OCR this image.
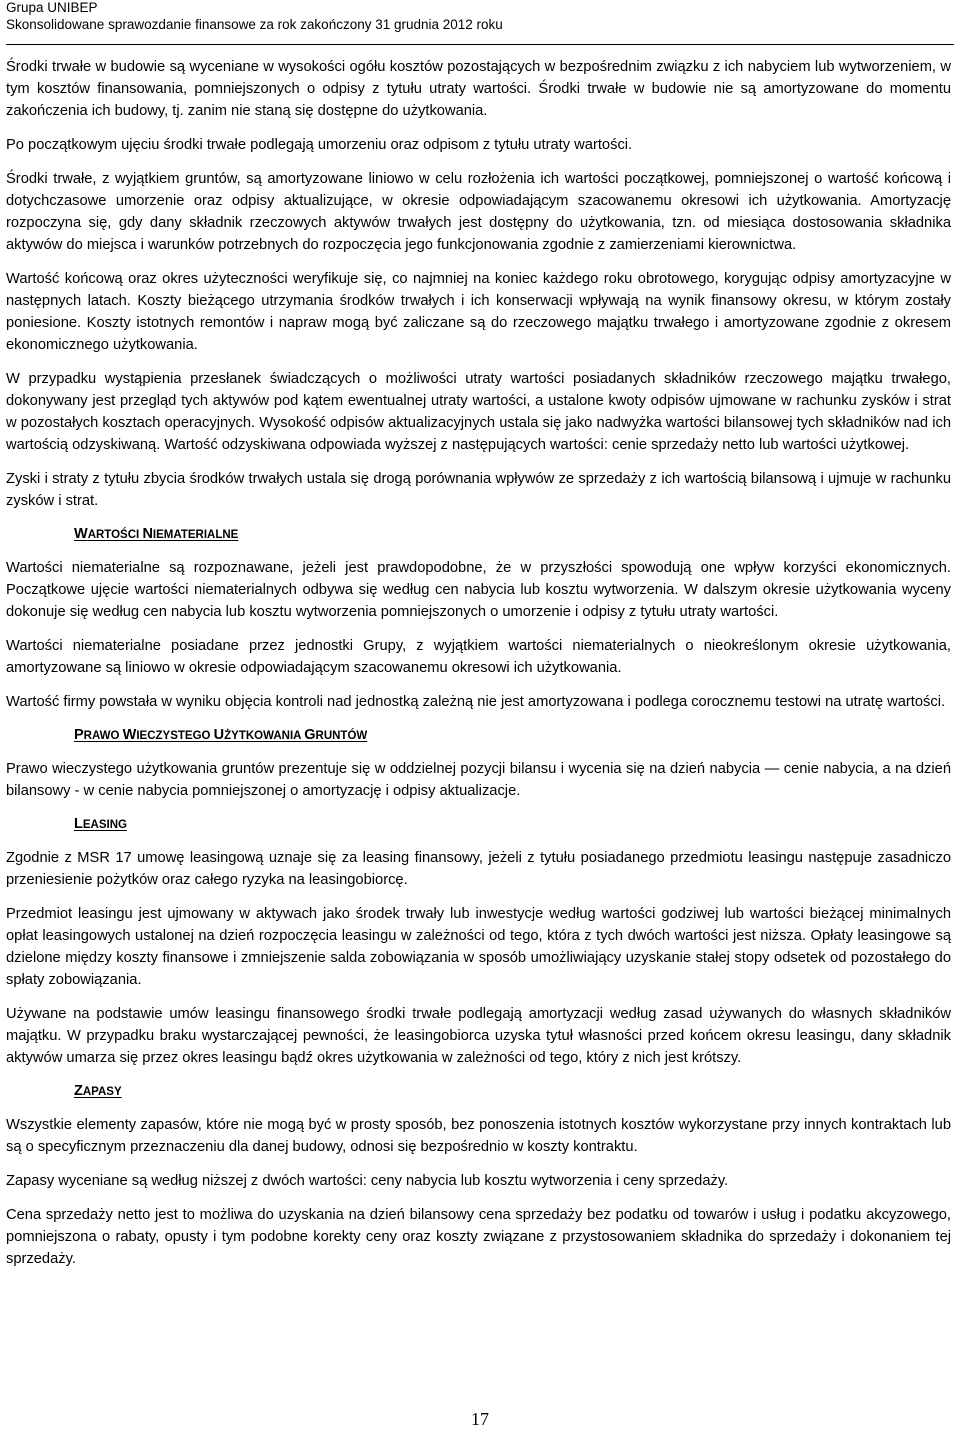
Grupa UNIBEP

Skonsolidowane sprawozdanie finansowe za rok zakończony 31 grudnia 2012 roku

Środki trwałe w budowie są wyceniane w wysokości ogółu kosztów pozostających w bezpośrednim związku z ich nabyciem lub wytworzeniem, w tym kosztów finansowania, pomniejszonych o odpisy z tytułu utraty wartości. Środki trwałe w budowie nie są amortyzowane do momentu zakończenia ich budowy, tj. zanim nie staną się dostępne do użytkowania.

Po początkowym ujęciu środki trwałe podlegają umorzeniu oraz odpisom z tytułu utraty wartości.

Środki trwałe, z wyjątkiem gruntów, są amortyzowane liniowo w celu rozłożenia ich wartości początkowej, pomniejszonej o wartość końcową i dotychczasowe umorzenie oraz odpisy aktualizujące, w okresie odpowiadającym szacowanemu okresowi ich użytkowania. Amortyzację rozpoczyna się, gdy dany składnik rzeczowych aktywów trwałych jest dostępny do użytkowania, tzn. od miesiąca dostosowania składnika aktywów do miejsca i warunków potrzebnych do rozpoczęcia jego funkcjonowania zgodnie z zamierzeniami kierownictwa.

Wartość końcową oraz okres użyteczności weryfikuje się, co najmniej na koniec każdego roku obrotowego, korygując odpisy amortyzacyjne w następnych latach. Koszty bieżącego utrzymania środków trwałych i ich konserwacji wpływają na wynik finansowy okresu, w którym zostały poniesione. Koszty istotnych remontów i napraw mogą być zaliczane są do rzeczowego majątku trwałego i amortyzowane zgodnie z okresem ekonomicznego użytkowania.

W przypadku wystąpienia przesłanek świadczących o możliwości utraty wartości posiadanych składników rzeczowego majątku trwałego, dokonywany jest przegląd tych aktywów pod kątem ewentualnej utraty wartości, a ustalone kwoty odpisów ujmowane w rachunku zysków i strat w pozostałych kosztach operacyjnych. Wysokość odpisów aktualizacyjnych ustala się jako nadwyżka wartości bilansowej tych składników nad ich wartością odzyskiwaną. Wartość odzyskiwana odpowiada wyższej z następujących wartości: cenie sprzedaży netto lub wartości użytkowej.

Zyski i straty z tytułu zbycia środków trwałych ustala się drogą porównania wpływów ze sprzedaży z ich wartością bilansową i ujmuje w rachunku zysków i strat.

WARTOŚCI NIEMATERIALNE

Wartości niematerialne są rozpoznawane, jeżeli jest prawdopodobne, że w przyszłości spowodują one wpływ korzyści ekonomicznych. Początkowe ujęcie wartości niematerialnych odbywa się według cen nabycia lub kosztu wytworzenia. W dalszym okresie użytkowania wyceny dokonuje się według cen nabycia lub kosztu wytworzenia pomniejszonych o umorzenie i odpisy z tytułu utraty wartości.

Wartości niematerialne posiadane przez jednostki Grupy, z wyjątkiem wartości niematerialnych o nieokreślonym okresie użytkowania, amortyzowane są liniowo w okresie odpowiadającym szacowanemu okresowi ich użytkowania.

Wartość firmy powstała w wyniku objęcia kontroli nad jednostką zależną nie jest amortyzowana i podlega corocznemu testowi na utratę wartości.

PRAWO WIECZYSTEGO UŻYTKOWANIA GRUNTÓW

Prawo wieczystego użytkowania gruntów prezentuje się w oddzielnej pozycji bilansu i wycenia się na dzień nabycia — cenie nabycia, a na dzień bilansowy - w cenie nabycia pomniejszonej o amortyzację i odpisy aktualizacje.

LEASING

Zgodnie z MSR 17 umowę leasingową uznaje się za leasing finansowy, jeżeli z tytułu posiadanego przedmiotu leasingu następuje zasadniczo przeniesienie pożytków oraz całego ryzyka na leasingobiorcę.

Przedmiot leasingu jest ujmowany w aktywach jako środek trwały lub inwestycje według wartości godziwej lub wartości bieżącej minimalnych opłat leasingowych ustalonej na dzień rozpoczęcia leasingu w zależności od tego, która z tych dwóch wartości jest niższa. Opłaty leasingowe są dzielone między koszty finansowe i zmniejszenie salda zobowiązania w sposób umożliwiający uzyskanie stałej stopy odsetek od pozostałego do spłaty zobowiązania.

Używane na podstawie umów leasingu finansowego środki trwałe podlegają amortyzacji według zasad używanych do własnych składników majątku. W przypadku braku wystarczającej pewności, że leasingobiorca uzyska tytuł własności przed końcem okresu leasingu, dany składnik aktywów umarza się przez okres leasingu bądź okres użytkowania w zależności od tego, który z nich jest krótszy.

ZAPASY

Wszystkie elementy zapasów, które nie mogą być w prosty sposób, bez ponoszenia istotnych kosztów wykorzystane przy innych kontraktach lub są o specyficznym przeznaczeniu dla danej budowy, odnosi się bezpośrednio w koszty kontraktu.

Zapasy wyceniane są według niższej z dwóch wartości: ceny nabycia lub kosztu wytworzenia i ceny sprzedaży.

Cena sprzedaży netto jest to możliwa do uzyskania na dzień bilansowy cena sprzedaży bez podatku od towarów i usług i podatku akcyzowego, pomniejszona o rabaty, opusty i tym podobne korekty ceny oraz koszty związane z przystosowaniem składnika do sprzedaży i dokonaniem tej sprzedaży.

17
